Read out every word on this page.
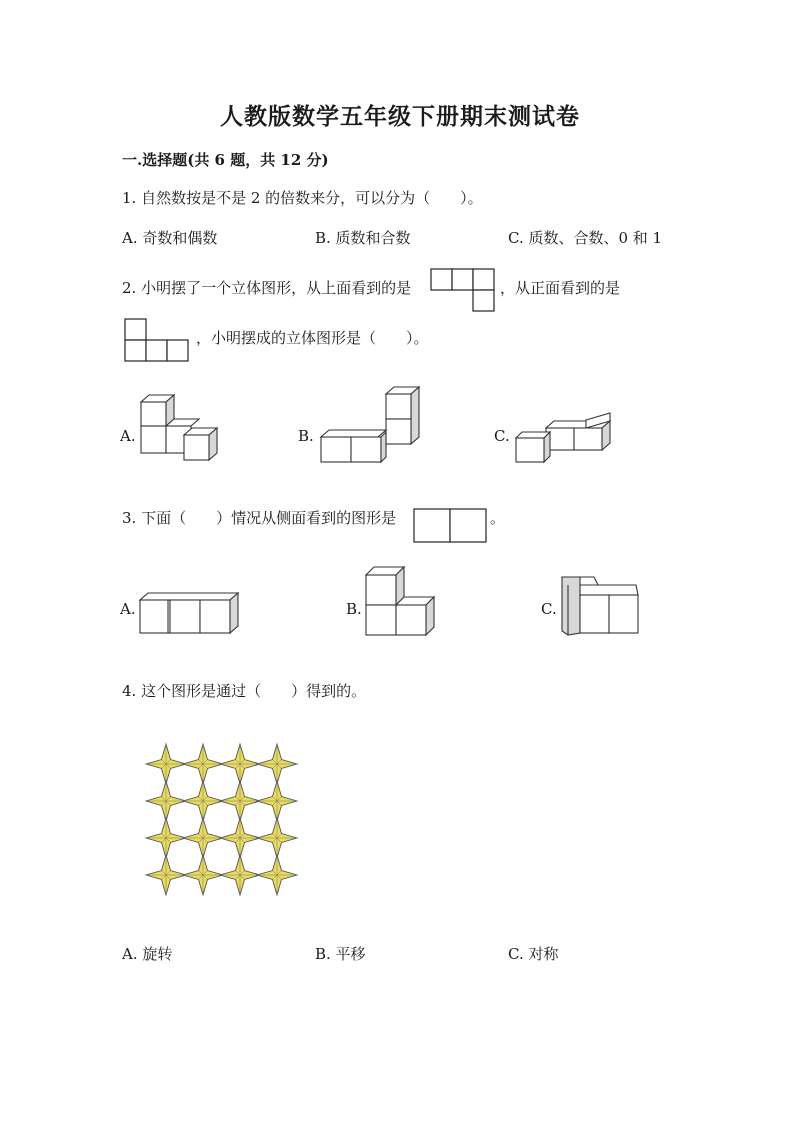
人教版数学五年级下册期末测试卷
一.选择题(共 6 题，共 12 分)
1. 自然数按是不是 2 的倍数来分，可以分为（　　）。
A. 奇数和偶数	B. 质数和合数	C. 质数、合数、0 和 1
2. 小明摆了一个立体图形，从上面看到的是	，从正面看到的是
，小明摆成的立体图形是（　　）。
A.	B.	C.
3. 下面（　　）情况从侧面看到的图形是	。
A.	B.	C.
4. 这个图形是通过（　　）得到的。
A. 旋转	B. 平移	C. 对称
